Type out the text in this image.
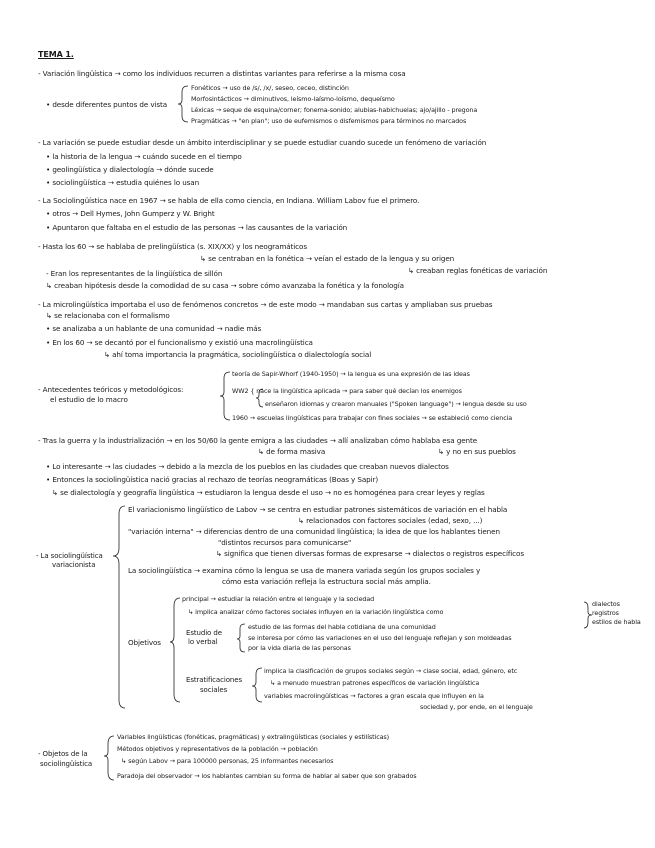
TEMA 1.
- Variación lingüística → como los individuos recurren a distintas variantes para referirse a la misma cosa
• desde diferentes puntos de vista
Fonéticos → uso de /s/, /x/, seseo, ceceo, distinción
Morfosintácticos → diminutivos, leísmo-laísmo-loísmo, dequeísmo
Léxicas → seque de esquina/corner; fonema-sonido; alubias-habichuelas; ajo/ajillo - pregona
Pragmáticas → "en plan"; uso de eufemismos o disfemismos para términos no marcados
- La variación se puede estudiar desde un ámbito interdisciplinar y se puede estudiar cuando sucede un fenómeno de variación
• la historia de la lengua → cuándo sucede en el tiempo
• geolingüística y dialectología → dónde sucede
• sociolingüística → estudia quiénes lo usan
- La Sociolingüística nace en 1967 → se habla de ella como ciencia, en Indiana. William Labov fue el primero.
• otros → Dell Hymes, John Gumperz y W. Bright
• Apuntaron que faltaba en el estudio de las personas → las causantes de la variación
- Hasta los 60 → se hablaba de prelingüística (s. XIX/XX) y los neogramáticos
↳ se centraban en la fonética → veían el estado de la lengua y su origen
- Eran los representantes de la lingüística de sillón	↳ creaban reglas fonéticas de variación
↳ creaban hipótesis desde la comodidad de su casa → sobre cómo avanzaba la fonética y la fonología
- La microlingüística importaba el uso de fenómenos concretos → de este modo → mandaban sus cartas y ampliaban sus pruebas
↳ se relacionaba con el formalismo
• se analizaba a un hablante de una comunidad → nadie más
• En los 60 → se decantó por el funcionalismo y existió una macrolingüística
↳ ahí toma importancia la pragmática, sociolingüística o dialectología social
- Antecedentes teóricos y metodológicos:
el estudio de lo macro
teoría de Sapir-Whorf (1940-1950) → la lengua es una expresión de las ideas
WW2 { nace la lingüística aplicada → para saber qué decían los enemigos
enseñaron idiomas y crearon manuales ("Spoken language") → lengua desde su uso
1960 → escuelas lingüísticas para trabajar con fines sociales → se estableció como ciencia
- Tras la guerra y la industrialización → en los 50/60 la gente emigra a las ciudades → allí analizaban cómo hablaba esa gente
↳ de forma masiva	↳ y no en sus pueblos
• Lo interesante → las ciudades → debido a la mezcla de los pueblos en las ciudades que creaban nuevos dialectos
• Entonces la sociolingüística nació gracias al rechazo de teorías neogramáticas (Boas y Sapir)
↳ se dialectología y geografía lingüística → estudiaron la lengua desde el uso → no es homogénea para crear leyes y reglas
- La sociolingüística
variacionista
El variacionismo lingüístico de Labov → se centra en estudiar patrones sistemáticos de variación en el habla
↳ relacionados con factores sociales (edad, sexo, ...)
"variación interna" → diferencias dentro de una comunidad lingüística; la idea de que los hablantes tienen
"distintos recursos para comunicarse"
↳ significa que tienen diversas formas de expresarse → dialectos o registros específicos
La sociolingüística → examina cómo la lengua se usa de manera variada según los grupos sociales y
cómo esta variación refleja la estructura social más amplia.
Objetivos
principal → estudiar la relación entre el lenguaje y la sociedad
↳ implica analizar cómo factores sociales influyen en la variación lingüística como
dialectos
registros
estilos de habla
Estudio de
lo verbal
estudio de las formas del habla cotidiana de una comunidad
se interesa por cómo las variaciones en el uso del lenguaje reflejan y son moldeadas
por la vida diaria de las personas
Estratificaciones
sociales
implica la clasificación de grupos sociales según → clase social, edad, género, etc
↳ a menudo muestran patrones específicos de variación lingüística
variables macrolingüísticas → factores a gran escala que influyen en la
sociedad y, por ende, en el lenguaje
- Objetos de la
sociolingüística
Variables lingüísticas (fonéticas, pragmáticas) y extralingüísticas (sociales y estilísticas)
Métodos objetivos y representativos de la población → población
↳ según Labov → para 100000 personas, 25 informantes necesarios
Paradoja del observador → los hablantes cambian su forma de hablar al saber que son grabados
